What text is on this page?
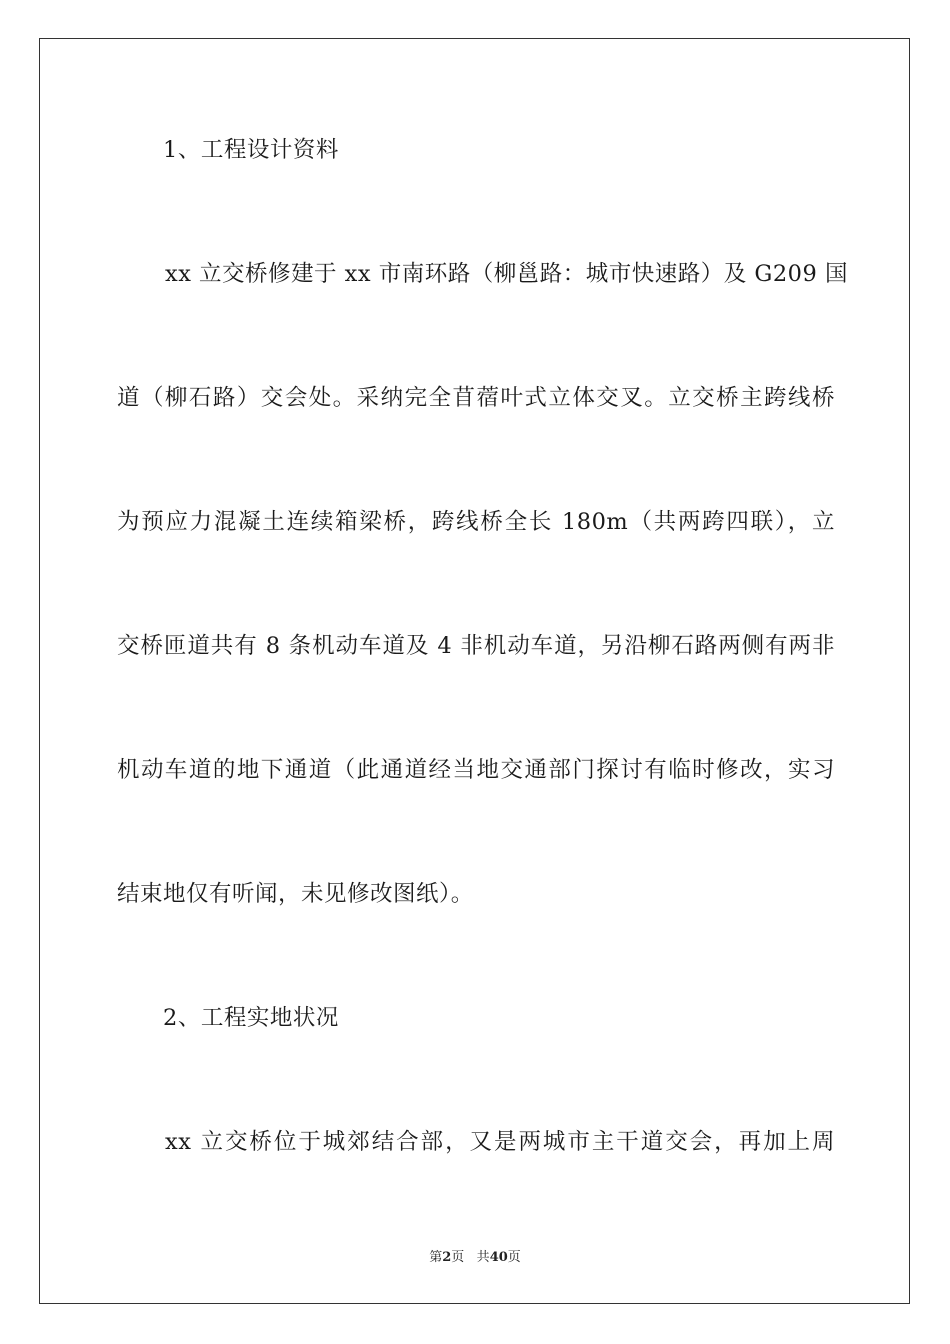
1、工程设计资料
xx 立交桥修建于 xx 市南环路（柳邕路：城市快速路）及 G209 国
道（柳石路）交会处。采纳完全苜蓿叶式立体交叉。立交桥主跨线桥
为预应力混凝土连续箱梁桥，跨线桥全长 180m（共两跨四联），立
交桥匝道共有 8 条机动车道及 4 非机动车道，另沿柳石路两侧有两非
机动车道的地下通道（此通道经当地交通部门探讨有临时修改，实习
结束地仅有听闻，未见修改图纸）。
2、工程实地状况
xx 立交桥位于城郊结合部，又是两城市主干道交会，再加上周
第2页 共40页
